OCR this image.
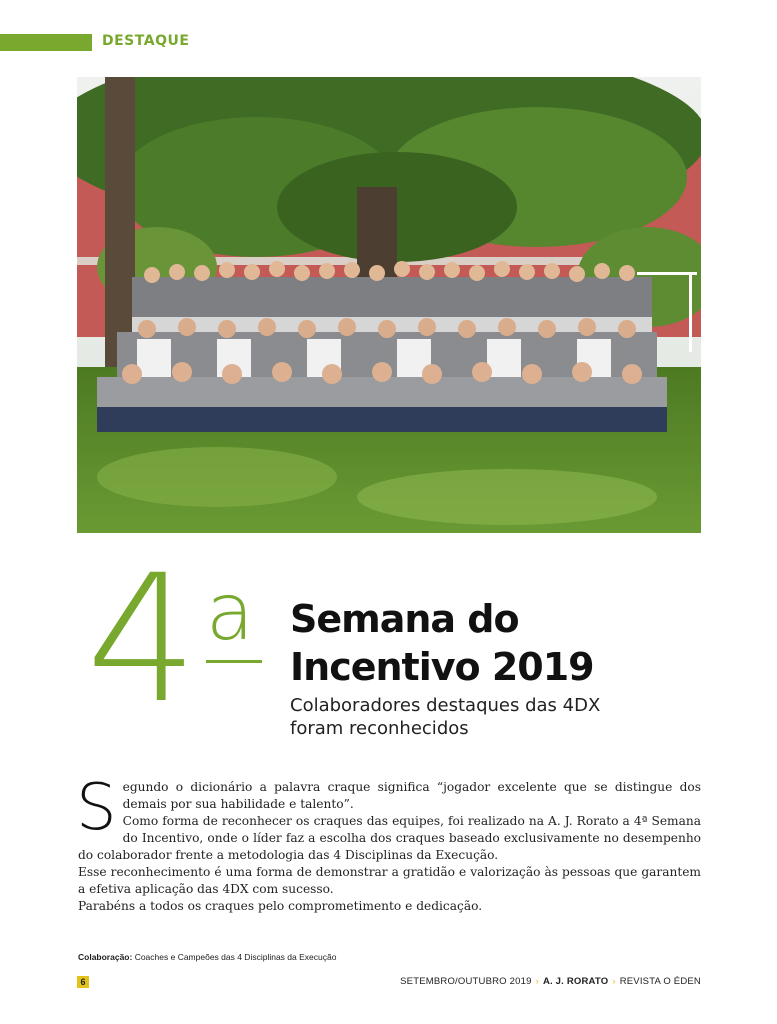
DESTAQUE
4 a Semana do
Incentivo 2019
Colaboradores destaques das 4DX
foram reconhecidos
S egundo o dicionário a palavra craque significa “jogador excelente que se distingue dos demais por sua habilidade e talento”.

Como forma de reconhecer os craques das equipes, foi realizado na A. J. Rorato a 4ª Semana do Incentivo, onde o líder faz a escolha dos craques baseado exclusivamente no desempenho do colaborador frente a metodologia das 4 Disciplinas da Execução.

Esse reconhecimento é uma forma de demonstrar a gratidão e valorização às pessoas que garantem a efetiva aplicação das 4DX com sucesso.

Parabéns a todos os craques pelo comprometimento e dedicação.

Colaboração: Coaches e Campeões das 4 Disciplinas da Execução
6	SETEMBRO/OUTUBRO 2019 › A. J. RORATO › REVISTA O ÉDEN
